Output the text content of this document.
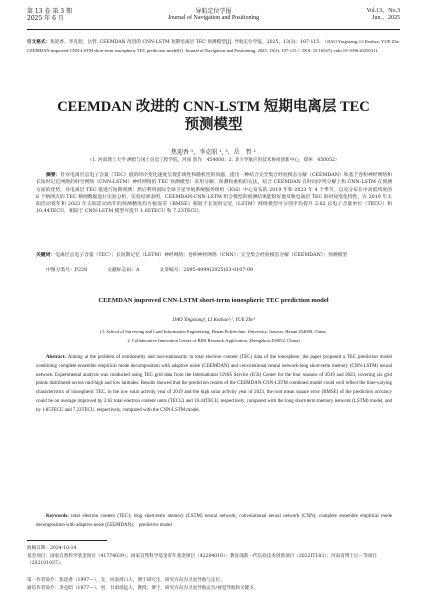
第 13 卷 第 3 期
2025 年 6 月
导航定位学报
Journal of Navigation and Positioning
Vol.13，No.3
Jun.，2025
引文格式：焦迎香，李克昭，岳哲. CEEMDAN 改进的 CNN-LSTM 短期电离层 TEC 预测模型[J]. 导航定位学报，2025，13(3)：107-115. （JIAO Yingxiang, LI Kezhao, YUE Zhe. CEEMDAN improved CNN-LSTM short-term ionospheric TEC prediction model[J]. Journal of Navigation and Positioning, 2025, 13(3): 107-115.）DOI: 10.16547/j.cnki.10-1096.20250311.
CEEMDAN 改进的 CNN-LSTM 短期电离层 TEC
预测模型
焦迎香 ¹，李克昭 ¹, ²，岳　哲 ¹
（1. 河南理工大学 测绘与国土信息工程学院，河南 焦作　454000；2. 北斗导航应用技术协同创新中心，郑州　450052）
摘要：针对电离层总电子含量（TEC）值的时序变化速度呈现非线性和随机性的问题，提出一种结合完全集合经验模态分解（CEEMDAN）和基于卷积神经网络和长短时记忆网络的时空网络（CNN-LSTM）神经网络的 TEC 预测模型：采用分解、预测和重构的方法，结合 CEEMDAN 在时间序列分解上和 CNN-LSTM 在预测方面的优势，对电离层 TEC 值进行短期预测；然后利用国际全球卫星导航系统服务组织（IGS）中心发布的 2019 年和 2023 年 4 个季节，以及分布在中高低纬度的 6 个格网点的 TEC 格网数据进行实验分析，实验结果表明，CEEMDAN-CNN-LSTM 组合模型的预测结果能很好地反映电离层 TEC 的时间变化特性，在 2019 年太阳活动低年和 2023 年太阳活动高年的预测精度均方根误差（RMSE）相较于长短时记忆（LSTM）网络模型可分别平均提升 2.62 总电子含量单位（TECU）和 10.44TECU，相较于 CNN-LSTM 模型可提升 1.85TECU 和 7.23TECU。
关键词：电离层总电子含量（TEC）；长短期记忆（LSTM）神经网络；卷积神经网络（CNN）；完全集合经验模态分解（CEEMDAN）；预测模型
中图分类号：P228	文献标志码：A	文章编号：2095-4999(2025)03-0107-09
CEEMDAN improved CNN-LSTM short-term ionospheric TEC prediction model
JIAO Yingxiang¹, LI Kezhao¹,², YUE Zhe¹
(1. School of Surveying and Land Information Engineering, Henan Polytechnic University, Jiaozuo, Henan 454000, China;
2. Collaborative Innovation Center of BDS Research Application, Zhengzhou 450052, China)
Abstract: Aiming at the problem of nonlinearity and non-stationarity in total electron content (TEC) data of the ionosphere, the paper proposed a TEC prediction model combining complete ensemble empirical mode decomposition with adaptive noise (CEEMDAN) and convolutional neural network-long short-term memory (CNN-LSTM) neural network. Experimental analysis was conducted using TEC grid data from the International GNSS Service (IGS) Center for the four seasons of 2019 and 2023, covering six grid points distributed across mid-high and low latitudes. Results showed that the prediction results of the CEEMDAN-CNN-LSTM combined model could well reflect the time-varying characteristics of ionospheric TEC, in the low solar activity year of 2019 and the high solar activity year of 2023, the root mean square error (RMSE) of the prediction accuracy could be on average improved by 2.62 total electron content units (TECU) and 10.44TECU, respectively, compared with the long short-term memory network (LSTM) model, and by 1.85TECU and 7.23TECU, respectively, compared with the CNN-LSTM model.
Keywords: total electron content (TEC); long short-term memory (LSTM) neural network; convolutional neural network (CNN); complete ensemble empirical mode decomposition with adaptive noise (CEEMDAN);　predictive model
收稿日期：2024-10-14
基金项目：国家自然科学基金项目（41774039）；国家自然科学基金青年基金项目（42204010）；教育部新一代信息技术创新项目（2022IT183）；河南省博士后一等项目（202101037）。
第一作者简介：焦迎香（1997—），女，河南周口人，博士研究生，研究方向为卫星导航与定位。
通信作者简介：李克昭（1977—），男，甘肃靖远人，教授，博士，研究方向为卫星导航定位/视觉导航和关键卫。
